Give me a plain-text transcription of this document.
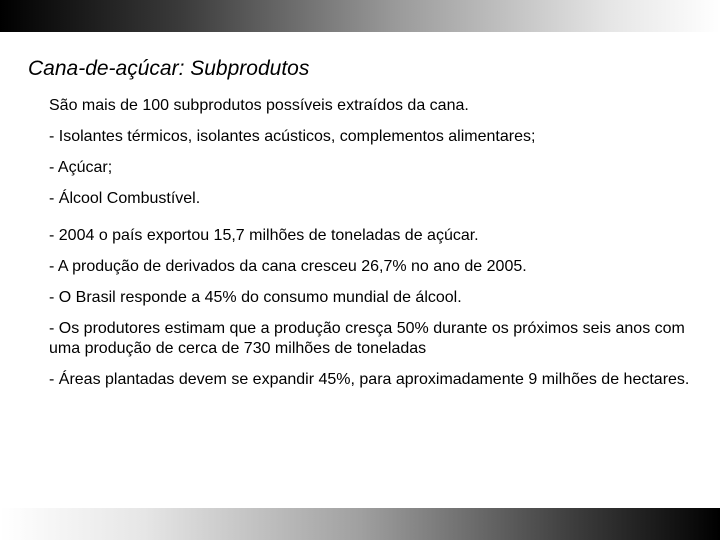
Cana-de-açúcar: Subprodutos

São mais de 100 subprodutos possíveis extraídos da cana.

- Isolantes térmicos, isolantes acústicos, complementos alimentares;
- Açúcar;
- Álcool Combustível.
- 2004 o país exportou 15,7 milhões de toneladas de açúcar.
- A produção de derivados da cana cresceu 26,7% no ano de 2005.
- O Brasil responde a 45% do consumo mundial de álcool.
- Os produtores estimam que a produção cresça 50% durante os próximos seis anos com uma produção de cerca de 730 milhões de toneladas
- Áreas plantadas devem se expandir 45%, para aproximadamente 9 milhões de hectares.
